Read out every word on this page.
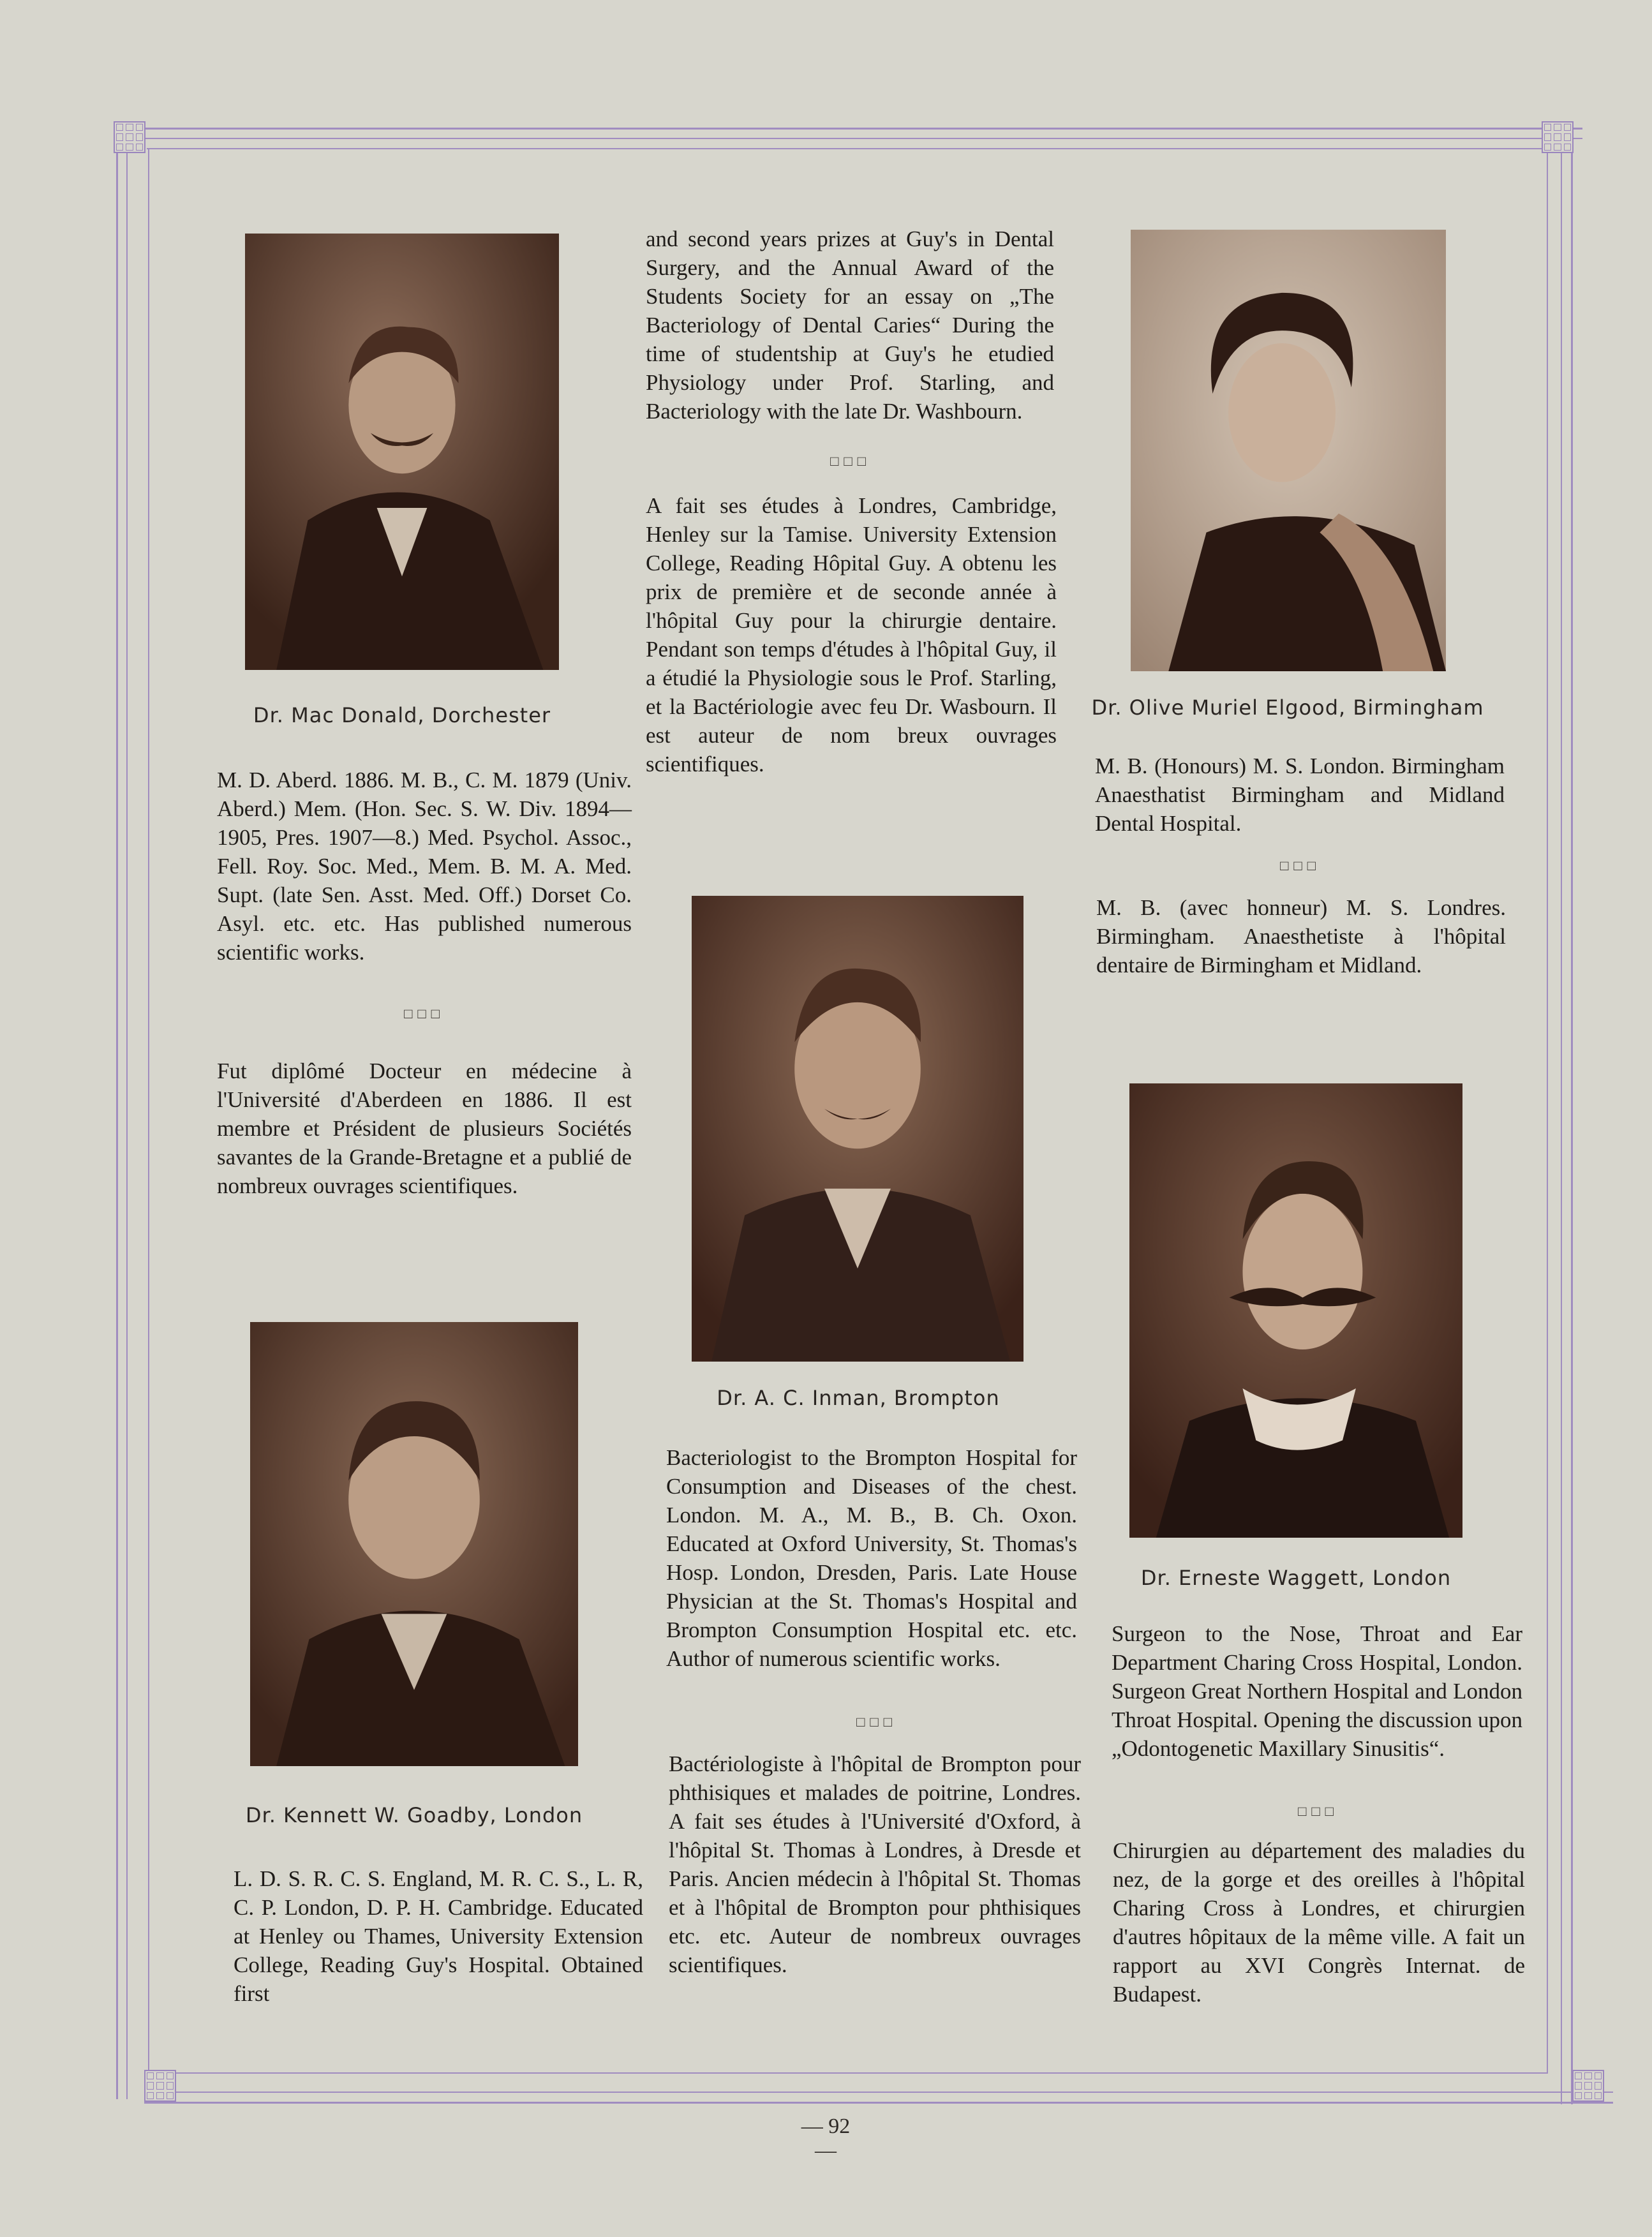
Dr. Mac Donald, Dorchester

M. D. Aberd. 1886. M. B., C. M. 1879 (Univ. Aberd.) Mem. (Hon. Sec. S. W. Div. 1894—1905, Pres. 1907—8.) Med. Psychol. Assoc., Fell. Roy. Soc. Med., Mem. B. M. A. Med. Supt. (late Sen. Asst. Med. Off.) Dorset Co. Asyl. etc. etc. Has published numerous scientific works.

□□□

Fut diplômé Docteur en médecine à l'Université d'Aberdeen en 1886. Il est membre et Président de plusieurs Sociétés savantes de la Grande-Bretagne et a publié de nombreux ouvrages scientifiques.

Dr. Kennett W. Goadby, London

L. D. S. R. C. S. England, M. R. C. S., L. R, C. P. London, D. P. H. Cambridge. Educated at Henley ou Thames, University Extension College, Reading Guy's Hospital. Obtained first

and second years prizes at Guy's in Dental Surgery, and the Annual Award of the Students Society for an essay on „The Bacteriology of Dental Caries“ During the time of studentship at Guy's he etudied Physiology under Prof. Starling, and Bacteriology with the late Dr. Washbourn.

□□□

A fait ses études à Londres, Cambridge, Henley sur la Tamise. University Extension College, Reading Hôpital Guy. A obtenu les prix de première et de seconde année à l'hôpital Guy pour la chirurgie dentaire. Pendant son temps d'études à l'hôpital Guy, il a étudié la Physiologie sous le Prof. Starling, et la Bactériologie avec feu Dr. Wasbourn. Il est auteur de nom breux ouvrages scientifiques.

Dr. A. C. Inman, Brompton

Bacteriologist to the Brompton Hospital for Consumption and Diseases of the chest. London. M. A., M. B., B. Ch. Oxon. Educated at Oxford University, St. Thomas's Hosp. London, Dresden, Paris. Late House Physician at the St. Thomas's Hospital and Brompton Consumption Hospital etc. etc. Author of numerous scientific works.

□□□

Bactériologiste à l'hôpital de Brompton pour phthisiques et malades de poitrine, Londres. A fait ses études à l'Université d'Oxford, à l'hôpital St. Thomas à Londres, à Dresde et Paris. Ancien médecin à l'hôpital St. Thomas et à l'hôpital de Brompton pour phthisiques etc. etc. Auteur de nombreux ouvrages scientifiques.

Dr. Olive Muriel Elgood, Birmingham

M. B. (Honours) M. S. London. Birmingham Anaesthatist Birmingham and Midland Dental Hospital.

□□□

M. B. (avec honneur) M. S. Londres. Birmingham. Anaesthetiste à l'hôpital dentaire de Birmingham et Midland.

Dr. Erneste Waggett, London

Surgeon to the Nose, Throat and Ear Department Charing Cross Hospital, London. Surgeon Great Northern Hospital and London Throat Hospital. Opening the discussion upon „Odontogenetic Maxillary Sinusitis“.

□□□

Chirurgien au département des maladies du nez, de la gorge et des oreilles à l'hôpital Charing Cross à Londres, et chirurgien d'autres hôpitaux de la même ville. A fait un rapport au XVI Congrès Internat. de Budapest.

— 92 —
